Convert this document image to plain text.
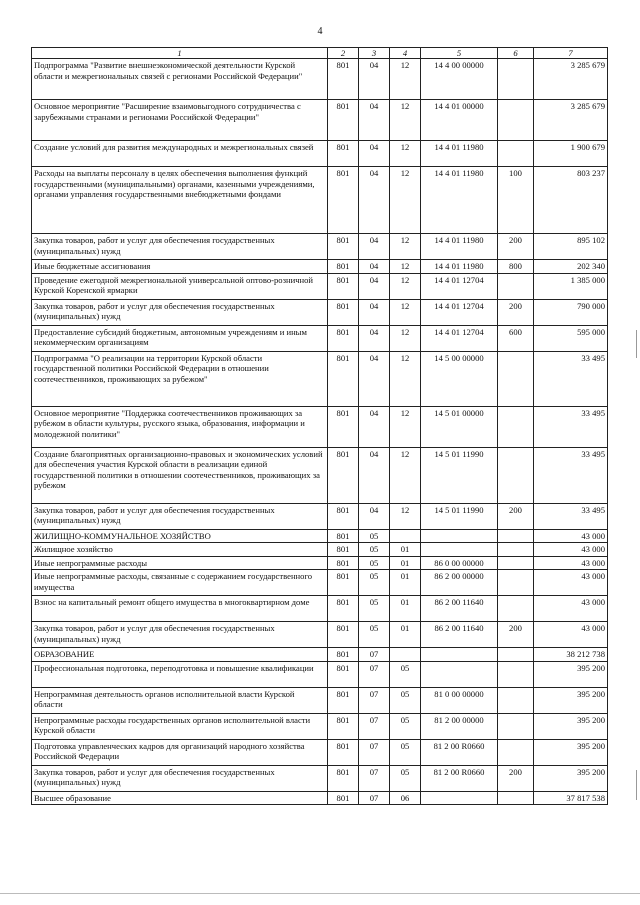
4
1	2	3	4	5	6	7
Подпрограмма "Развитие внешнеэкономической деятельности Курской области и межрегиональных связей с регионами Российской Федерации"	801	04	12	14 4 00 00000		3 285 679
Основное мероприятие "Расширение взаимовыгодного сотрудничества с зарубежными странами и регионами Российской Федерации"	801	04	12	14 4 01 00000		3 285 679
Создание условий для развития международных и межрегиональных связей	801	04	12	14 4 01 11980		1 900 679
Расходы на выплаты персоналу в целях обеспечения выполнения функций государственными (муниципальными) органами, казенными учреждениями, органами управления государственными внебюджетными фондами	801	04	12	14 4 01 11980	100	803 237
Закупка товаров, работ и услуг для обеспечения государственных (муниципальных) нужд	801	04	12	14 4 01 11980	200	895 102
Иные бюджетные ассигнования	801	04	12	14 4 01 11980	800	202 340
Проведение ежегодной межрегиональной универсальной оптово-розничной Курской Коренской ярмарки	801	04	12	14 4 01 12704		1 385 000
Закупка товаров, работ и услуг для обеспечения государственных (муниципальных) нужд	801	04	12	14 4 01 12704	200	790 000
Предоставление субсидий бюджетным, автономным учреждениям и иным некоммерческим организациям	801	04	12	14 4 01 12704	600	595 000
Подпрограмма "О реализации на территории Курской области государственной политики Российской Федерации в отношении соотечественников, проживающих за рубежом"	801	04	12	14 5 00 00000		33 495
Основное мероприятие "Поддержка соотечественников проживающих за рубежом в области культуры, русского языка, образования, информации и молодежной политики"	801	04	12	14 5 01 00000		33 495
Создание благоприятных организационно-правовых и экономических условий для обеспечения участия Курской области в реализации единой государственной политики в отношении соотечественников, проживающих за рубежом	801	04	12	14 5 01 11990		33 495
Закупка товаров, работ и услуг для обеспечения государственных (муниципальных) нужд	801	04	12	14 5 01 11990	200	33 495
ЖИЛИЩНО-КОММУНАЛЬНОЕ ХОЗЯЙСТВО	801	05				43 000
Жилищное хозяйство	801	05	01			43 000
Иные непрограммные расходы	801	05	01	86 0 00 00000		43 000
Иные непрограммные расходы, связанные с содержанием государственного имущества	801	05	01	86 2 00 00000		43 000
Взнос на капитальный ремонт общего имущества в многоквартирном доме	801	05	01	86 2 00 11640		43 000
Закупка товаров, работ и услуг для обеспечения государственных (муниципальных) нужд	801	05	01	86 2 00 11640	200	43 000
ОБРАЗОВАНИЕ	801	07				38 212 738
Профессиональная подготовка, переподготовка и повышение квалификации	801	07	05			395 200
Непрограммная деятельность органов исполнительной власти Курской области	801	07	05	81 0 00 00000		395 200
Непрограммные расходы государственных органов исполнительной власти Курской области	801	07	05	81 2 00 00000		395 200
Подготовка управленческих кадров для организаций народного хозяйства Российской Федерации	801	07	05	81 2 00 R0660		395 200
Закупка товаров, работ и услуг для обеспечения государственных (муниципальных) нужд	801	07	05	81 2 00 R0660	200	395 200
Высшее образование	801	07	06			37 817 538
